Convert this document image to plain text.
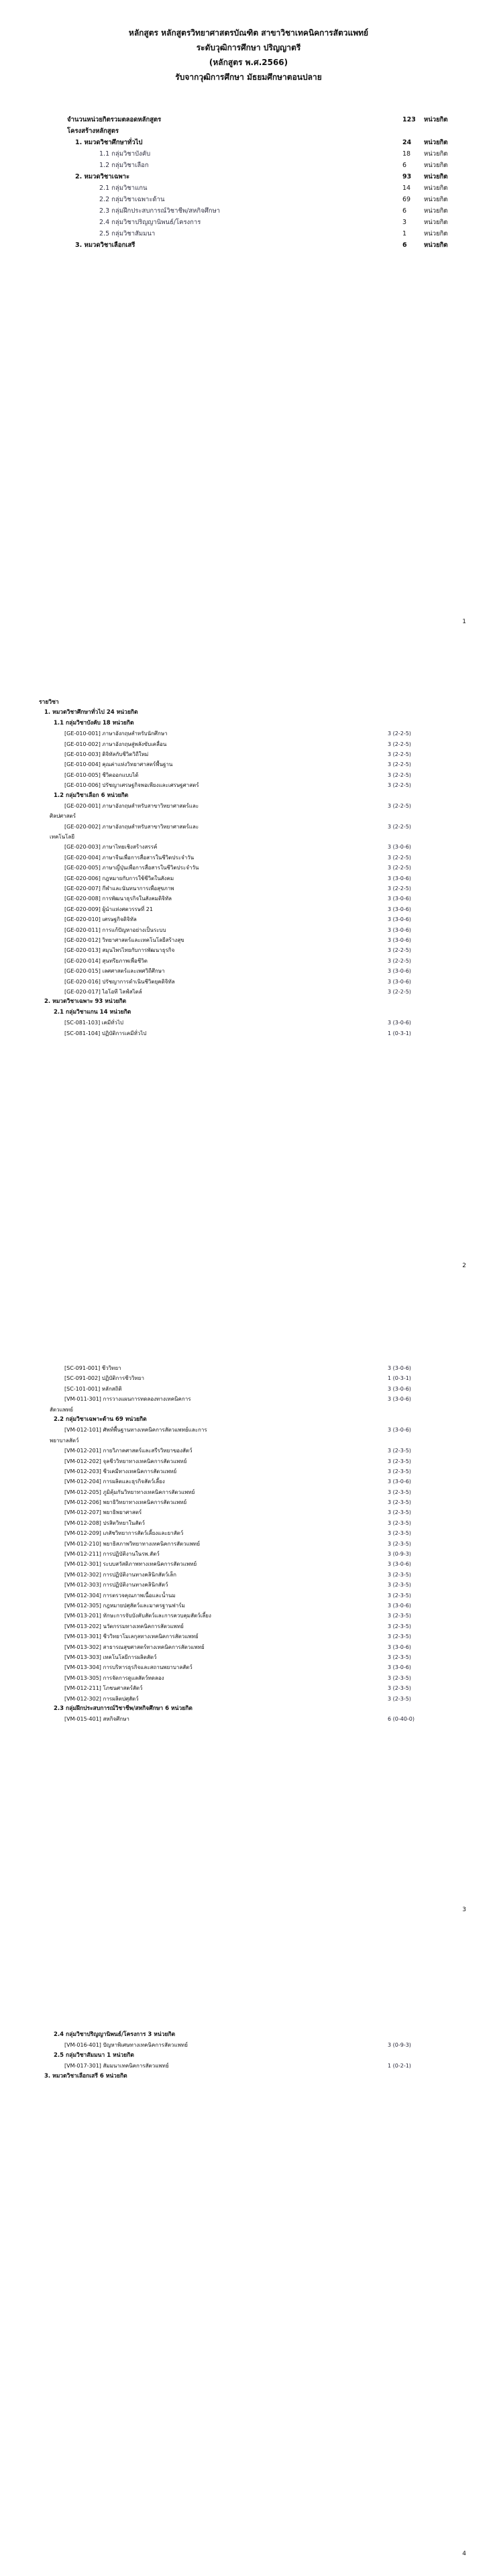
หลักสูตร หลักสูตรวิทยาศาสตรบัณฑิต สาขาวิชาเทคนิคการสัตวแพทย์
ระดับวุฒิการศึกษา ปริญญาตรี
(หลักสูตร พ.ศ.2566)
รับจากวุฒิการศึกษา มัธยมศึกษาตอนปลาย
จำนวนหน่วยกิตรวมตลอดหลักสูตร	123 หน่วยกิต
โครงสร้างหลักสูตร
1. หมวดวิชาศึกษาทั่วไป	24 หน่วยกิต
1.1 กลุ่มวิชาบังคับ	18 หน่วยกิต
1.2 กลุ่มวิชาเลือก	6	หน่วยกิต
2. หมวดวิชาเฉพาะ	93 หน่วยกิต
2.1 กลุ่มวิชาแกน	14 หน่วยกิต
2.2 กลุ่มวิชาเฉพาะด้าน	69 หน่วยกิต
2.3 กลุ่มฝึกประสบการณ์วิชาชีพ/สหกิจศึกษา	6	หน่วยกิต
2.4 กลุ่มวิชาปริญญานิพนธ์/โครงการ	3	หน่วยกิต
2.5 กลุ่มวิชาสัมมนา	1	หน่วยกิต
3. หมวดวิชาเลือกเสรี	6	หน่วยกิต
1
รายวิชา
1. หมวดวิชาศึกษาทั่วไป 24 หน่วยกิต
1.1 กลุ่มวิชาบังคับ 18 หน่วยกิต
[GE-010-001] ภาษาอังกฤษสำหรับนักศึกษา	3 (2-2-5)
[GE-010-002] ภาษาอังกฤษสู่พลังขับเคลื่อน	3 (2-2-5)
[GE-010-003] ดิจิทัลกับชีวิตวิถีใหม่	3 (2-2-5)
[GE-010-004] คุณค่าแห่งวิทยาศาสตร์พื้นฐาน	3 (2-2-5)
[GE-010-005] ชีวิตออกแบบได้	3 (2-2-5)
[GE-010-006] ปรัชญาเศรษฐกิจพอเพียงและเศรษฐศาสตร์	3 (2-2-5)
1.2 กลุ่มวิชาเลือก 6 หน่วยกิต
[GE-020-001] ภาษาอังกฤษสำหรับสาขาวิทยาศาสตร์และ	3 (2-2-5)
ศิลปศาสตร์
[GE-020-002] ภาษาอังกฤษสำหรับสาขาวิทยาศาสตร์และ	3 (2-2-5)
เทคโนโลยี
[GE-020-003] ภาษาไทยเชิงสร้างสรรค์	3 (3-0-6)
[GE-020-004] ภาษาจีนเพื่อการสื่อสารในชีวิตประจำวัน	3 (2-2-5)
[GE-020-005] ภาษาญี่ปุ่นเพื่อการสื่อสารในชีวิตประจำวัน	3 (2-2-5)
[GE-020-006] กฎหมายกับการใช้ชีวิตในสังคม	3 (3-0-6)
[GE-020-007] กีฬาและนันทนาการเพื่อสุขภาพ	3 (2-2-5)
[GE-020-008] การพัฒนาธุรกิจในสังคมดิจิทัล	3 (3-0-6)
[GE-020-009] ผู้นำแห่งศตวรรษที่ 21	3 (3-0-6)
[GE-020-010] เศรษฐกิจดิจิทัล	3 (3-0-6)
[GE-020-011] การแก้ปัญหาอย่างเป็นระบบ	3 (3-0-6)
[GE-020-012] วิทยาศาสตร์และเทคโนโลยีสร้างสุข	3 (3-0-6)
[GE-020-013] สมุนไพรไทยกับการพัฒนาธุรกิจ	3 (2-2-5)
[GE-020-014] สุนทรียภาพเพื่อชีวิต	3 (2-2-5)
[GE-020-015] เลศศาสตร์และเพศวิถีศึกษา	3 (3-0-6)
[GE-020-016] ปรัชญาการดำเนินชีวิตยุคดิจิทัล	3 (3-0-6)
[GE-020-017] ไอโอที ไลฟ์สไตล์	3 (2-2-5)
2. หมวดวิชาเฉพาะ 93 หน่วยกิต
2.1 กลุ่มวิชาแกน 14 หน่วยกิต
[SC-081-103] เคมีทั่วไป	3 (3-0-6)
[SC-081-104] ปฏิบัติการเคมีทั่วไป	1 (0-3-1)
2
[SC-091-001] ชีววิทยา	3 (3-0-6)
[SC-091-002] ปฏิบัติการชีววิทยา	1 (0-3-1)
[SC-101-001] หลักสถิติ	3 (3-0-6)
[VM-011-301] การวางแผนการทดลองทางเทคนิคการ	3 (3-0-6)
สัตวแพทย์
2.2 กลุ่มวิชาเฉพาะด้าน 69 หน่วยกิต
[VM-012-101] ศัพท์พื้นฐานทางเทคนิคการสัตวแพทย์และการ	3 (3-0-6)
พยาบาลสัตว์
[VM-012-201] กายวิภาคศาสตร์และสรีรวิทยาของสัตว์	3 (2-3-5)
[VM-012-202] จุลชีววิทยาทางเทคนิคการสัตวแพทย์	3 (2-3-5)
[VM-012-203] ชีวเคมีทางเทคนิคการสัตวแพทย์	3 (2-3-5)
[VM-012-204] การผลิตและธุรกิจสัตว์เลี้ยง	3 (3-0-6)
[VM-012-205] ภูมิคุ้มกันวิทยาทางเทคนิคการสัตวแพทย์	3 (2-3-5)
[VM-012-206] พยาธิวิทยาทางเทคนิคการสัตวแพทย์	3 (2-3-5)
[VM-012-207] พยาธิพยาศาสตร์	3 (2-3-5)
[VM-012-208] ปรสิตวิทยาในสัตว์	3 (2-3-5)
[VM-012-209] เภสัชวิทยาการสัตว์เลี้ยงและยาสัตว์	3 (2-3-5)
[VM-012-210] พยาธิสภาพวิทยาทางเทคนิคการสัตวแพทย์	3 (2-3-5)
[VM-012-211] การปฏิบัติงานในรพ.สัตว์	3 (0-9-3)
[VM-012-301] ระบบสวัสดิภาพทางเทคนิคการสัตวแพทย์	3 (3-0-6)
[VM-012-302] การปฏิบัติงานทางคลินิกสัตว์เล็ก	3 (2-3-5)
[VM-012-303] การปฏิบัติงานทางคลินิกสัตว์	3 (2-3-5)
[VM-012-304] การตรวจคุณภาพเนื้อและน้ำนม	3 (2-3-5)
[VM-012-305] กฎหมายปศุสัตว์และมาตรฐานฟาร์ม	3 (3-0-6)
[VM-013-201] ทักษะการจับบังคับสัตว์และการควบคุมสัตว์เลี้ยง	3 (2-3-5)
[VM-013-202] นวัตกรรมทางเทคนิคการสัตวแพทย์	3 (2-3-5)
[VM-013-301] ชีววิทยาโมเลกุลทางเทคนิคการสัตวแพทย์	3 (2-3-5)
[VM-013-302] สาธารณสุขศาสตร์ทางเทคนิคการสัตวแพทย์	3 (3-0-6)
[VM-013-303] เทคโนโลยีการผลิตสัตว์	3 (2-3-5)
[VM-013-304] การบริหารธุรกิจและสถานพยาบาลสัตว์	3 (3-0-6)
[VM-013-305] การจัดการดูแลสัตว์ทดลอง	3 (2-3-5)
[VM-012-211] โภชนศาสตร์สัตว์	3 (2-3-5)
[VM-012-302] การผลิตปศุสัตว์	3 (2-3-5)
2.3 กลุ่มฝึกประสบการณ์วิชาชีพ/สหกิจศึกษา 6 หน่วยกิต
[VM-015-401] สหกิจศึกษา	6 (0-40-0)
3
2.4 กลุ่มวิชาปริญญานิพนธ์/โครงการ 3 หน่วยกิต
[VM-016-401] ปัญหาพิเศษทางเทคนิคการสัตวแพทย์	3 (0-9-3)
2.5 กลุ่มวิชาสัมมนา 1 หน่วยกิต
[VM-017-301] สัมมนาเทคนิคการสัตวแพทย์	1 (0-2-1)
3. หมวดวิชาเลือกเสรี 6 หน่วยกิต
4
